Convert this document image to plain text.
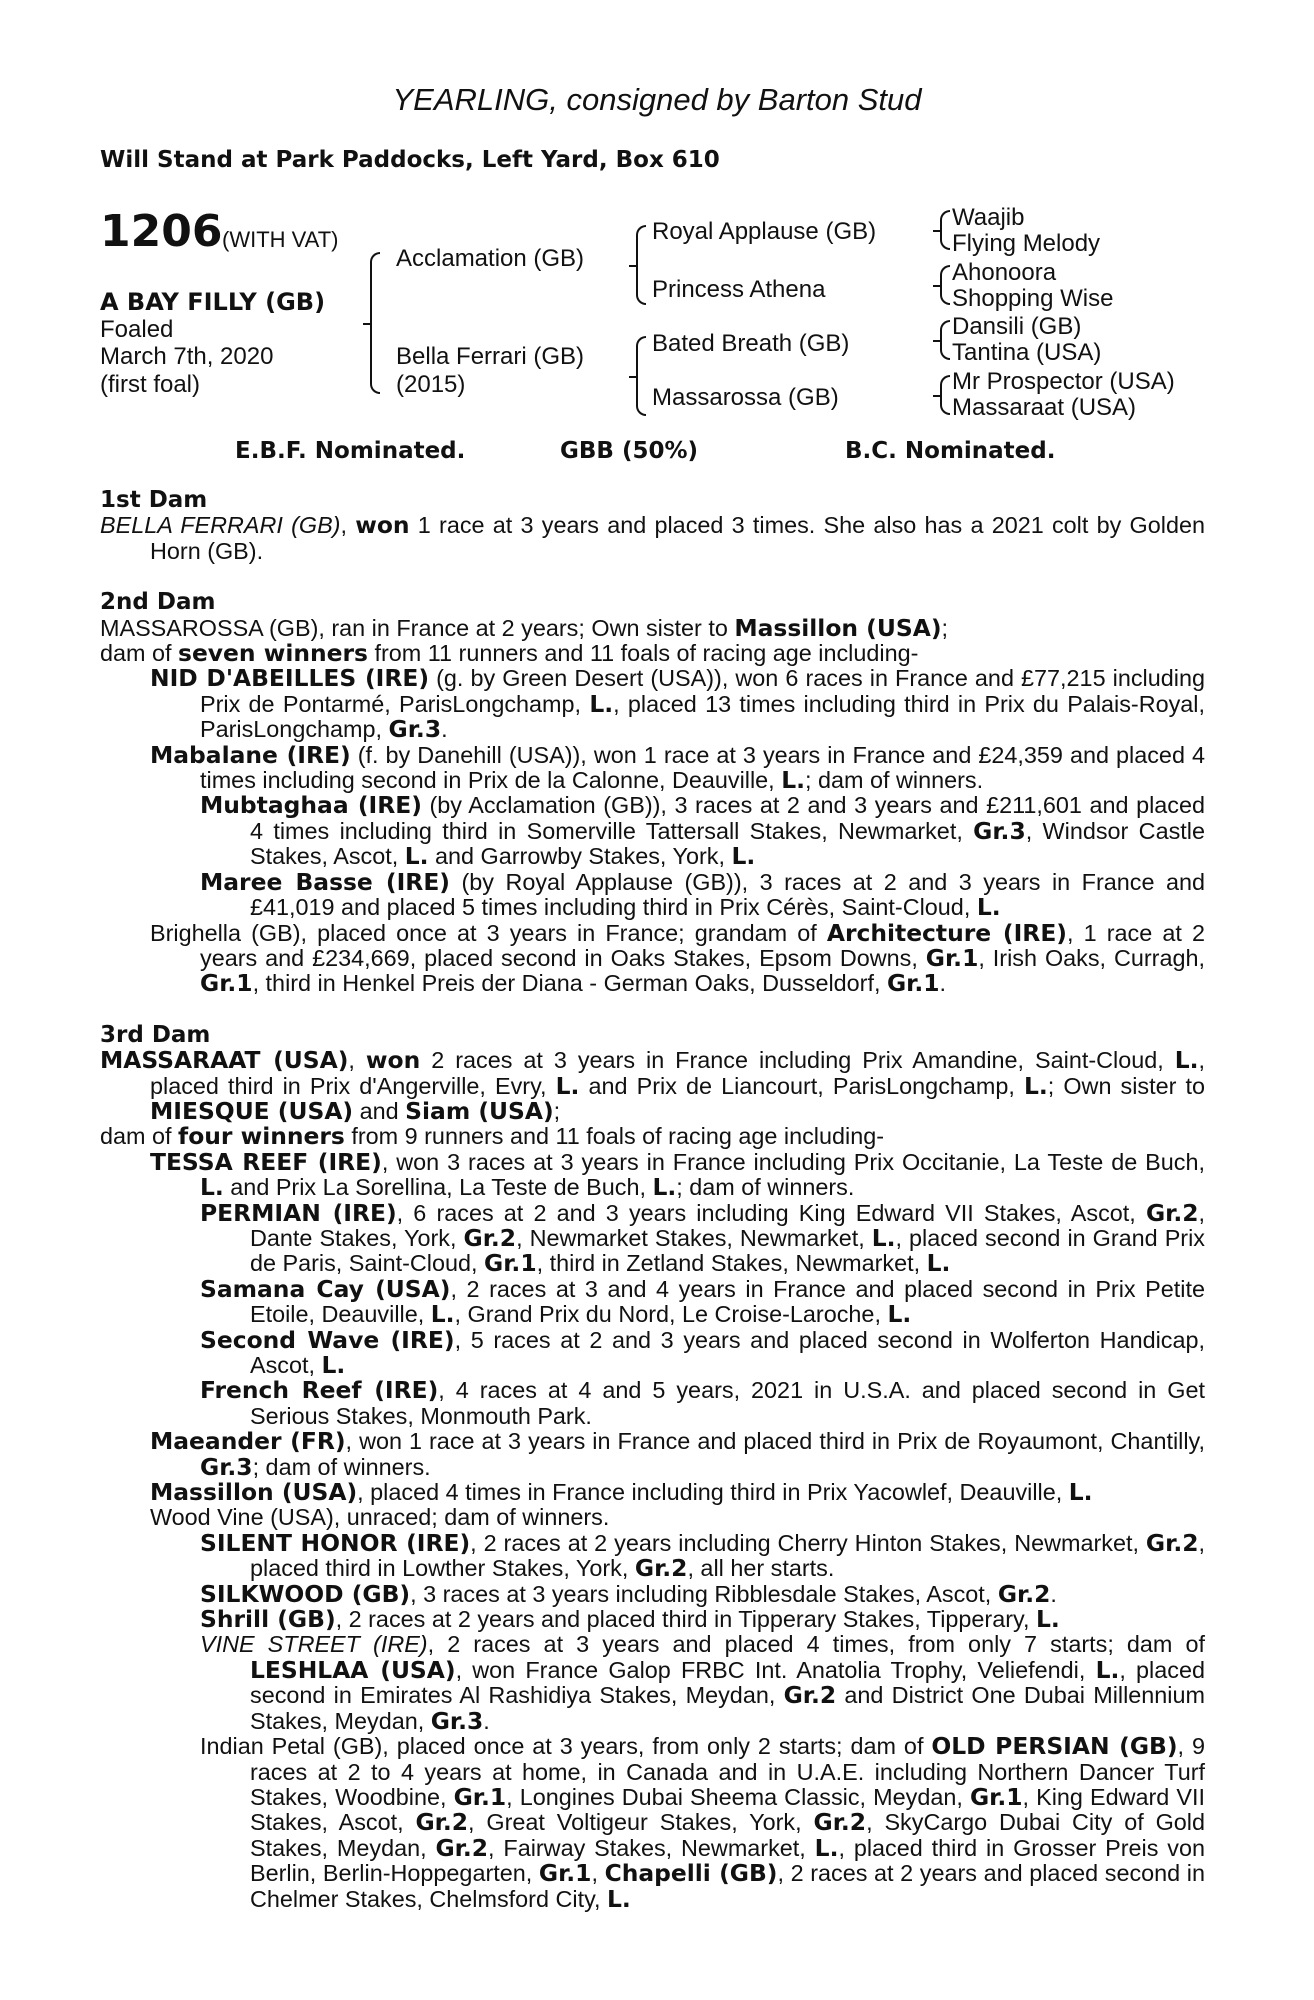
YEARLING, consigned by Barton Stud
Will Stand at Park Paddocks, Left Yard, Box 610
1206 (WITH VAT)
A BAY FILLY (GB)
Foaled
March 7th, 2020
(first foal)
Acclamation (GB)
Bella Ferrari (GB)
(2015)
Royal Applause (GB)
Princess Athena
Bated Breath (GB)
Massarossa (GB)
Waajib
Flying Melody
Ahonoora
Shopping Wise
Dansili (GB)
Tantina (USA)
Mr Prospector (USA)
Massaraat (USA)
E.B.F. Nominated.	GBB (50%)	B.C. Nominated.
1st Dam

BELLA FERRARI (GB), won 1 race at 3 years and placed 3 times. She also has a 2021 colt by Golden Horn (GB).

2nd Dam

MASSAROSSA (GB), ran in France at 2 years; Own sister to Massillon (USA);

dam of seven winners from 11 runners and 11 foals of racing age including-

NID D'ABEILLES (IRE) (g. by Green Desert (USA)), won 6 races in France and £77,215 including Prix de Pontarmé, ParisLongchamp, L., placed 13 times including third in Prix du Palais-Royal, ParisLongchamp, Gr.3.

Mabalane (IRE) (f. by Danehill (USA)), won 1 race at 3 years in France and £24,359 and placed 4 times including second in Prix de la Calonne, Deauville, L.; dam of winners.

Mubtaghaa (IRE) (by Acclamation (GB)), 3 races at 2 and 3 years and £211,601 and placed 4 times including third in Somerville Tattersall Stakes, Newmarket, Gr.3, Windsor Castle Stakes, Ascot, L. and Garrowby Stakes, York, L.

Maree Basse (IRE) (by Royal Applause (GB)), 3 races at 2 and 3 years in France and £41,019 and placed 5 times including third in Prix Cérès, Saint-Cloud, L.

Brighella (GB), placed once at 3 years in France; grandam of Architecture (IRE), 1 race at 2 years and £234,669, placed second in Oaks Stakes, Epsom Downs, Gr.1, Irish Oaks, Curragh, Gr.1, third in Henkel Preis der Diana - German Oaks, Dusseldorf, Gr.1.

3rd Dam

MASSARAAT (USA), won 2 races at 3 years in France including Prix Amandine, Saint-Cloud, L., placed third in Prix d'Angerville, Evry, L. and Prix de Liancourt, ParisLongchamp, L.; Own sister to MIESQUE (USA) and Siam (USA);

dam of four winners from 9 runners and 11 foals of racing age including-

TESSA REEF (IRE), won 3 races at 3 years in France including Prix Occitanie, La Teste de Buch, L. and Prix La Sorellina, La Teste de Buch, L.; dam of winners.

PERMIAN (IRE), 6 races at 2 and 3 years including King Edward VII Stakes, Ascot, Gr.2, Dante Stakes, York, Gr.2, Newmarket Stakes, Newmarket, L., placed second in Grand Prix de Paris, Saint-Cloud, Gr.1, third in Zetland Stakes, Newmarket, L.

Samana Cay (USA), 2 races at 3 and 4 years in France and placed second in Prix Petite Etoile, Deauville, L., Grand Prix du Nord, Le Croise-Laroche, L.

Second Wave (IRE), 5 races at 2 and 3 years and placed second in Wolferton Handicap, Ascot, L.

French Reef (IRE), 4 races at 4 and 5 years, 2021 in U.S.A. and placed second in Get Serious Stakes, Monmouth Park.

Maeander (FR), won 1 race at 3 years in France and placed third in Prix de Royaumont, Chantilly, Gr.3; dam of winners.

Massillon (USA), placed 4 times in France including third in Prix Yacowlef, Deauville, L.

Wood Vine (USA), unraced; dam of winners.

SILENT HONOR (IRE), 2 races at 2 years including Cherry Hinton Stakes, Newmarket, Gr.2, placed third in Lowther Stakes, York, Gr.2, all her starts.

SILKWOOD (GB), 3 races at 3 years including Ribblesdale Stakes, Ascot, Gr.2.

Shrill (GB), 2 races at 2 years and placed third in Tipperary Stakes, Tipperary, L.

VINE STREET (IRE), 2 races at 3 years and placed 4 times, from only 7 starts; dam of LESHLAA (USA), won France Galop FRBC Int. Anatolia Trophy, Veliefendi, L., placed second in Emirates Al Rashidiya Stakes, Meydan, Gr.2 and District One Dubai Millennium Stakes, Meydan, Gr.3.

Indian Petal (GB), placed once at 3 years, from only 2 starts; dam of OLD PERSIAN (GB), 9 races at 2 to 4 years at home, in Canada and in U.A.E. including Northern Dancer Turf Stakes, Woodbine, Gr.1, Longines Dubai Sheema Classic, Meydan, Gr.1, King Edward VII Stakes, Ascot, Gr.2, Great Voltigeur Stakes, York, Gr.2, SkyCargo Dubai City of Gold Stakes, Meydan, Gr.2, Fairway Stakes, Newmarket, L., placed third in Grosser Preis von Berlin, Berlin-Hoppegarten, Gr.1, Chapelli (GB), 2 races at 2 years and placed second in Chelmer Stakes, Chelmsford City, L.
